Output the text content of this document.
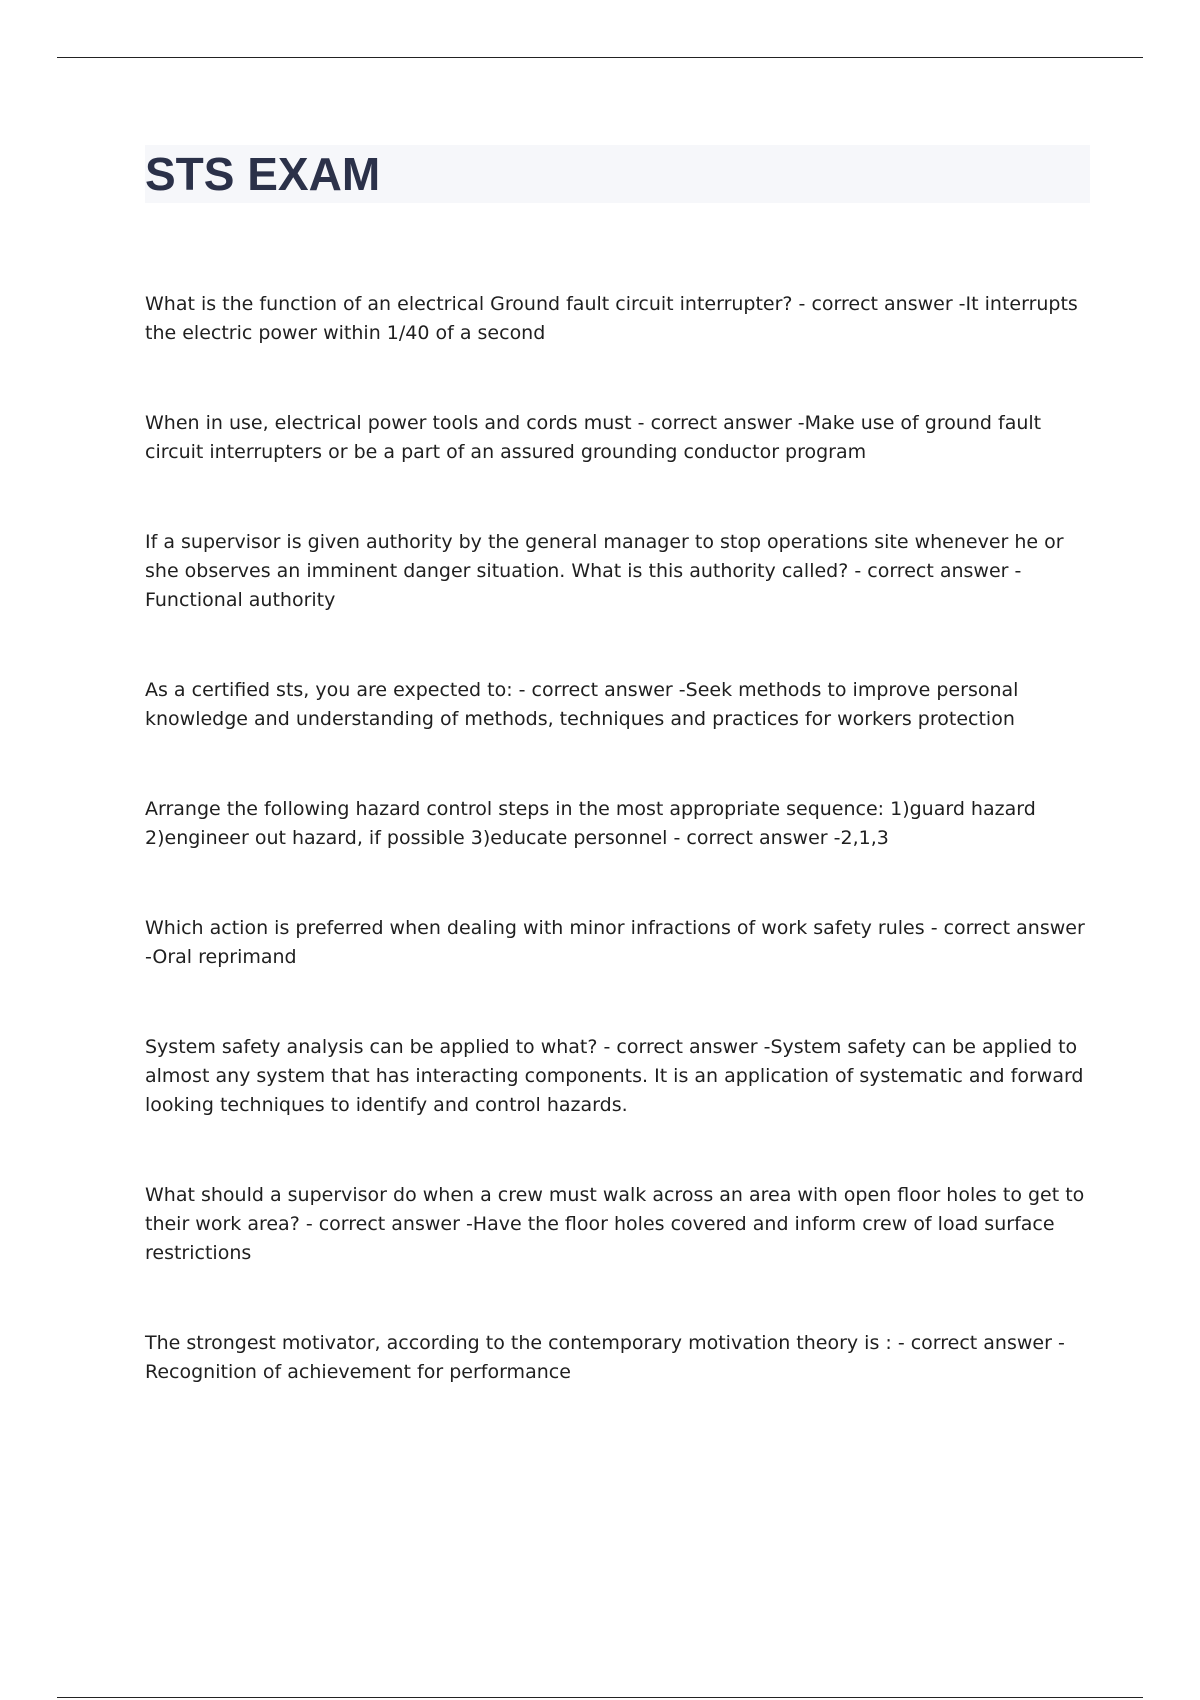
STS EXAM
What is the function of an electrical Ground fault circuit interrupter? - correct answer -It interrupts the electric power within 1/40 of a second
When in use, electrical power tools and cords must - correct answer -Make use of ground fault circuit interrupters or be a part of an assured grounding conductor program
If a supervisor is given authority by the general manager to stop operations site whenever he or she observes an imminent danger situation. What is this authority called? - correct answer -Functional authority
As a certified sts, you are expected to: - correct answer -Seek methods to improve personal knowledge and understanding of methods, techniques and practices for workers protection
Arrange the following hazard control steps in the most appropriate sequence: 1)guard hazard 2)engineer out hazard, if possible 3)educate personnel - correct answer -2,1,3
Which action is preferred when dealing with minor infractions of work safety rules - correct answer -Oral reprimand
System safety analysis can be applied to what? - correct answer -System safety can be applied to almost any system that has interacting components. It is an application of systematic and forward looking techniques to identify and control hazards.
What should a supervisor do when a crew must walk across an area with open floor holes to get to their work area? - correct answer -Have the floor holes covered and inform crew of load surface restrictions
The strongest motivator, according to the contemporary motivation theory is : - correct answer -Recognition of achievement for performance
